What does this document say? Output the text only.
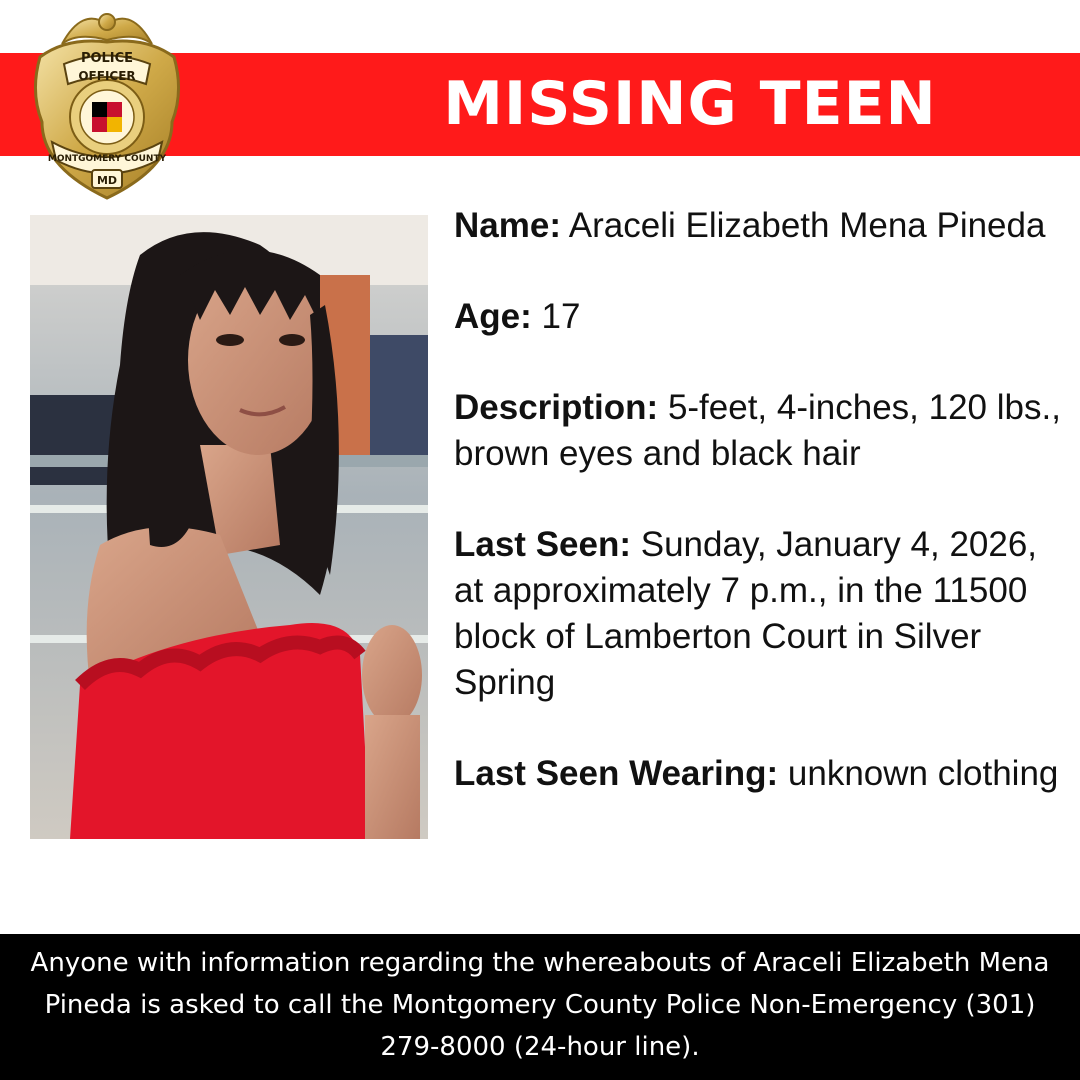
MISSING TEEN
POLICE
OFFICER
MONTGOMERY COUNTY
MD

Name: Araceli Elizabeth Mena Pineda

Age: 17

Description: 5-feet, 4-inches, 120 lbs., brown eyes and black hair

Last Seen: Sunday, January 4, 2026, at approximately 7 p.m., in the 11500 block of Lamberton Court in Silver Spring

Last Seen Wearing: unknown clothing

Anyone with information regarding the whereabouts of Araceli Elizabeth Mena Pineda is asked to call the Montgomery County Police Non-Emergency (301) 279-8000 (24-hour line).
